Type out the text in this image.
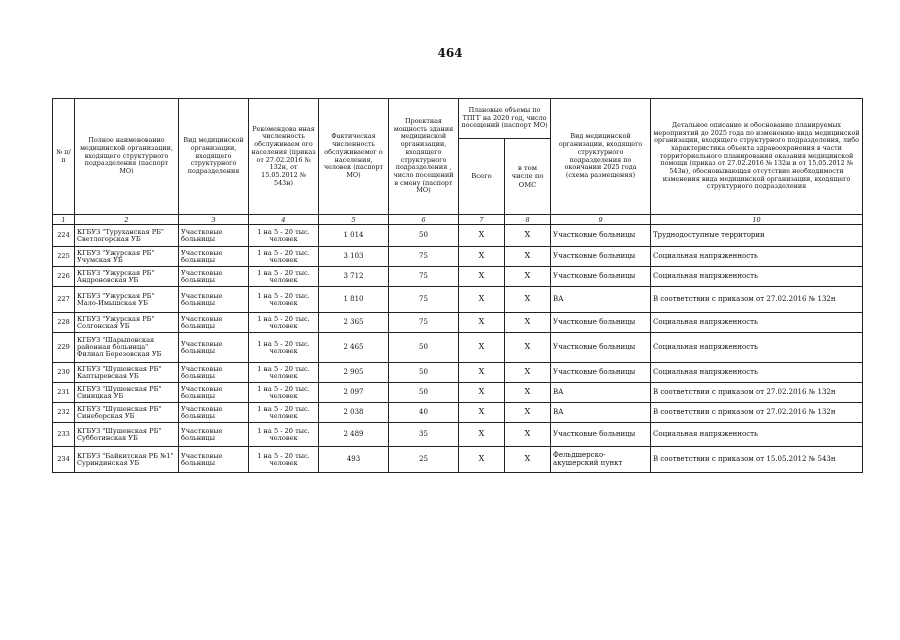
464
№ п/п	Полное наименование медицинской организации, входящего структурного подразделения (паспорт МО)	Вид медицинской организации, входящего структурного подразделения	Рекомендова нная численность обслуживаем ого населения (приказ от 27.02.2016 № 132н, от 15.05.2012 № 543н)	Фактическая численность обслуживаемог о населения, человек (паспорт МО)	Проектная мощность здания медицинской организации, входящего структурного подразделения , число посещений в смену (паспорт МО)	Плановые объемы по ТПГГ на 2020 год, число посещений (паспорт МО)		Вид медицинской организации, входящего структурного подразделения по окончании 2025 года (схема размещения)	Детальное описание и обоснование планируемых мероприятий до 2025 года по изменению вида медицинской организации, входящего структурного подразделения, либо характеристика объекта здравоохранения в части территориального планирования оказания медицинской помощи (приказ от 27.02.2016 № 132н и от 15.05.2012 № 543н), обосновывающая отсутствие необходимости изменения вида медицинской организации, входящего структурного подразделения
						Всего	в том числе по ОМС		
1	2	3	4	5	6	7	8	9	10
224	КГБУЗ "Туруханская РБ" Светлогорская УБ	Участковые больницы	1 на 5 - 20 тыс. человек	1 014	50	X	X	Участковые больницы	Труднодоступные территории
225	КГБУЗ "Ужурская РБ" Учумская УБ	Участковые больницы	1 на 5 - 20 тыс. человек	3 103	75	X	X	Участковые больницы	Социальная напряженность
226	КГБУЗ "Ужурская РБ" Андроновская УБ	Участковые больницы	1 на 5 - 20 тыс. человек	3 712	75	X	X	Участковые больницы	Социальная напряженность
227	КГБУЗ "Ужурская РБ" Мало-Имышская УБ	Участковые больницы	1 на 5 - 20 тыс. человек	1 810	75	X	X	ВА	В соответствии с приказом от 27.02.2016 № 132н
228	КГБУЗ "Ужурская РБ" Солгонская УБ	Участковые больницы	1 на 5 - 20 тыс. человек	2 365	75	X	X	Участковые больницы	Социальная напряженность
229	КГБУЗ "Шарыповская районная больница" Филиал Березовская УБ	Участковые больницы	1 на 5 - 20 тыс. человек	2 465	50	X	X	Участковые больницы	Социальная напряженность
230	КГБУЗ "Шушенская РБ" Каптыревская УБ	Участковые больницы	1 на 5 - 20 тыс. человек	2 905	50	X	X	Участковые больницы	Социальная напряженность
231	КГБУЗ "Шушенская РБ" Синицкая УБ	Участковые больницы	1 на 5 - 20 тыс. человек	2 097	50	X	X	ВА	В соответствии с приказом от 27.02.2016 № 132н
232	КГБУЗ "Шушенская РБ" Синеборская УБ	Участковые больницы	1 на 5 - 20 тыс. человек	2 038	40	X	X	ВА	В соответствии с приказом от 27.02.2016 № 132н
233	КГБУЗ "Шушенская РБ" Субботинская УБ	Участковые больницы	1 на 5 - 20 тыс. человек	2 489	35	X	X	Участковые больницы	Социальная напряженность
234	КГБУЗ "Байкитская РБ №1" Суриндинская УБ	Участковые больницы	1 на 5 - 20 тыс. человек	493	25	X	X	Фельдшерско-акушерский пункт	В соответствии с приказом от 15.05.2012 № 543н
